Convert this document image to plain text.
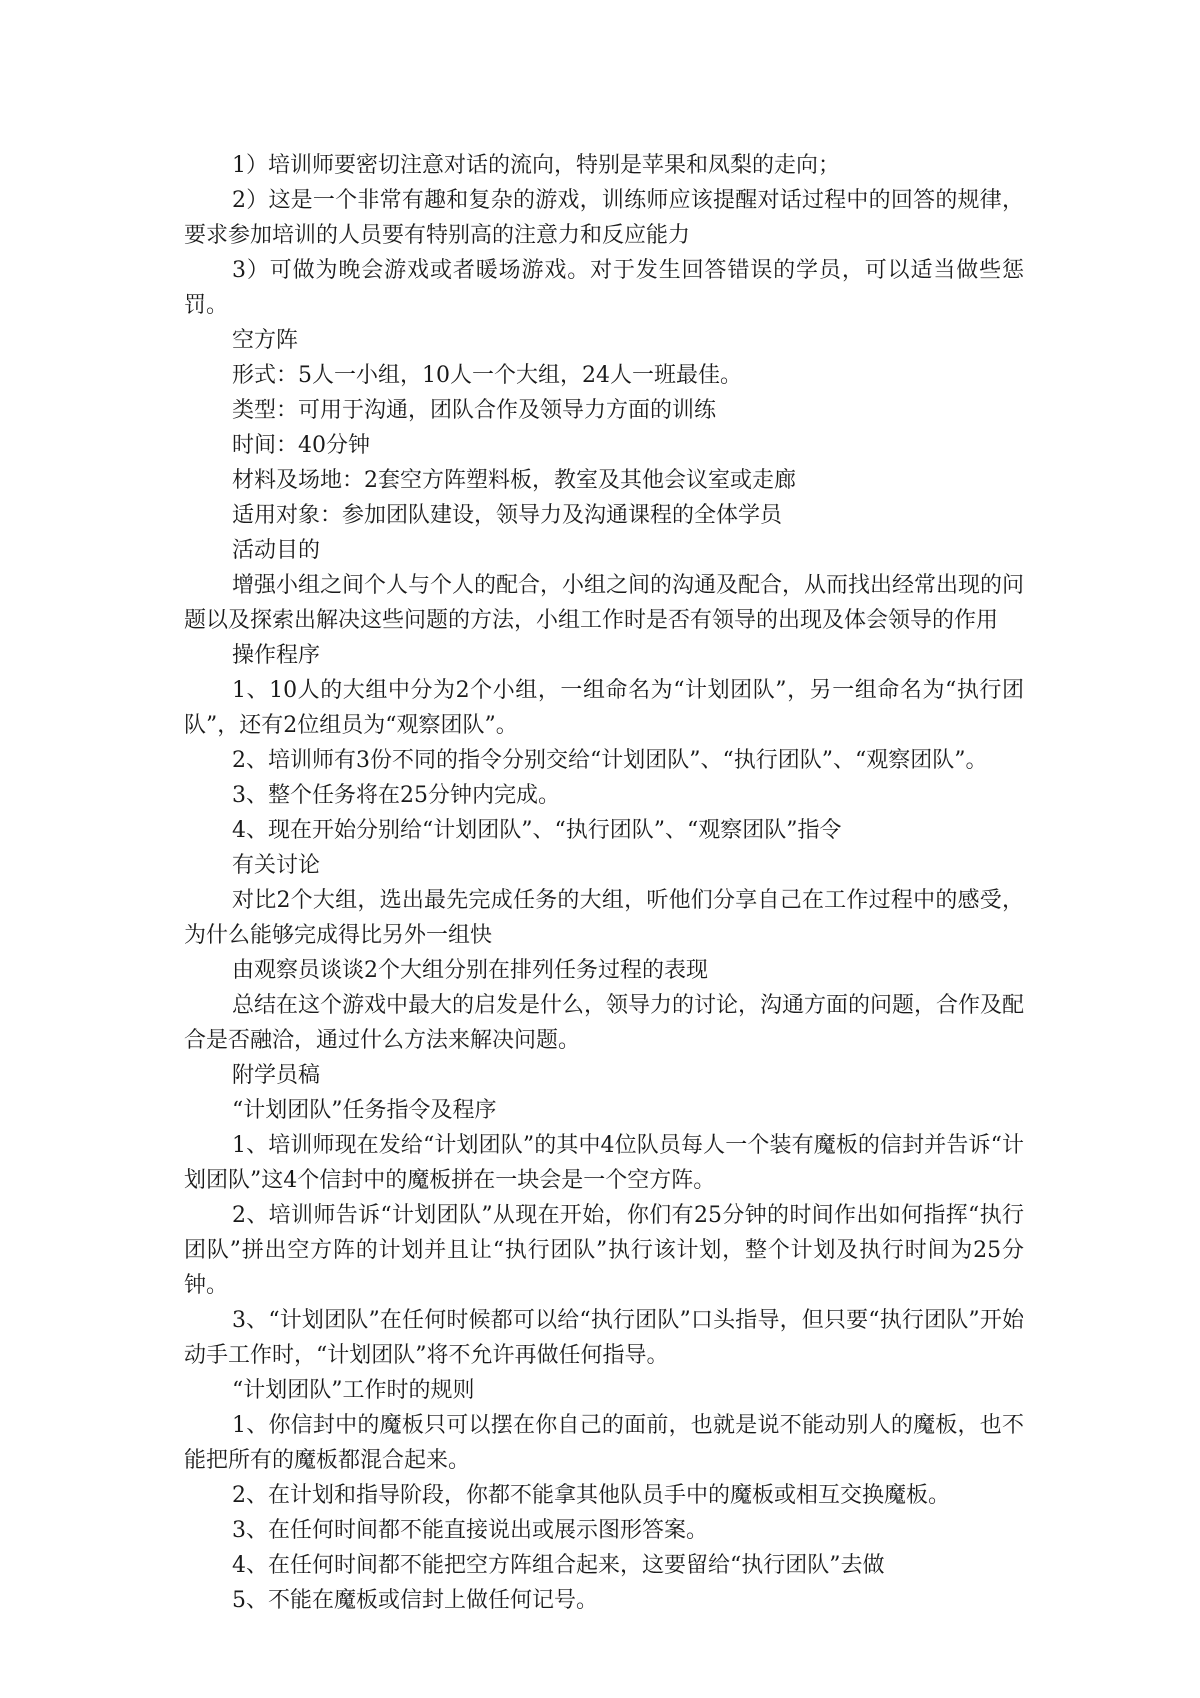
1）培训师要密切注意对话的流向，特别是苹果和凤梨的走向；

2）这是一个非常有趣和复杂的游戏，训练师应该提醒对话过程中的回答的规律，要求参加培训的人员要有特别高的注意力和反应能力

3）可做为晚会游戏或者暖场游戏。对于发生回答错误的学员，可以适当做些惩罚。

空方阵

形式：5人一小组，10人一个大组，24人一班最佳。

类型：可用于沟通，团队合作及领导力方面的训练

时间：40分钟

材料及场地：2套空方阵塑料板，教室及其他会议室或走廊

适用对象：参加团队建设，领导力及沟通课程的全体学员

活动目的

增强小组之间个人与个人的配合，小组之间的沟通及配合，从而找出经常出现的问题以及探索出解决这些问题的方法，小组工作时是否有领导的出现及体会领导的作用

操作程序

1、10人的大组中分为2个小组，一组命名为“计划团队”，另一组命名为“执行团队”，还有2位组员为“观察团队”。

2、培训师有3份不同的指令分别交给“计划团队”、“执行团队”、“观察团队”。

3、整个任务将在25分钟内完成。

4、现在开始分别给“计划团队”、“执行团队”、“观察团队”指令

有关讨论

对比2个大组，选出最先完成任务的大组，听他们分享自己在工作过程中的感受，为什么能够完成得比另外一组快

由观察员谈谈2个大组分别在排列任务过程的表现

总结在这个游戏中最大的启发是什么，领导力的讨论，沟通方面的问题，合作及配合是否融洽，通过什么方法来解决问题。

附学员稿

“计划团队”任务指令及程序

1、培训师现在发给“计划团队”的其中4位队员每人一个装有魔板的信封并告诉“计划团队”这4个信封中的魔板拼在一块会是一个空方阵。

2、培训师告诉“计划团队”从现在开始，你们有25分钟的时间作出如何指挥“执行团队”拼出空方阵的计划并且让“执行团队”执行该计划，整个计划及执行时间为25分钟。

3、“计划团队”在任何时候都可以给“执行团队”口头指导，但只要“执行团队”开始动手工作时，“计划团队”将不允许再做任何指导。

“计划团队”工作时的规则

1、你信封中的魔板只可以摆在你自己的面前，也就是说不能动别人的魔板，也不能把所有的魔板都混合起来。

2、在计划和指导阶段，你都不能拿其他队员手中的魔板或相互交换魔板。

3、在任何时间都不能直接说出或展示图形答案。

4、在任何时间都不能把空方阵组合起来，这要留给“执行团队”去做

5、不能在魔板或信封上做任何记号。
